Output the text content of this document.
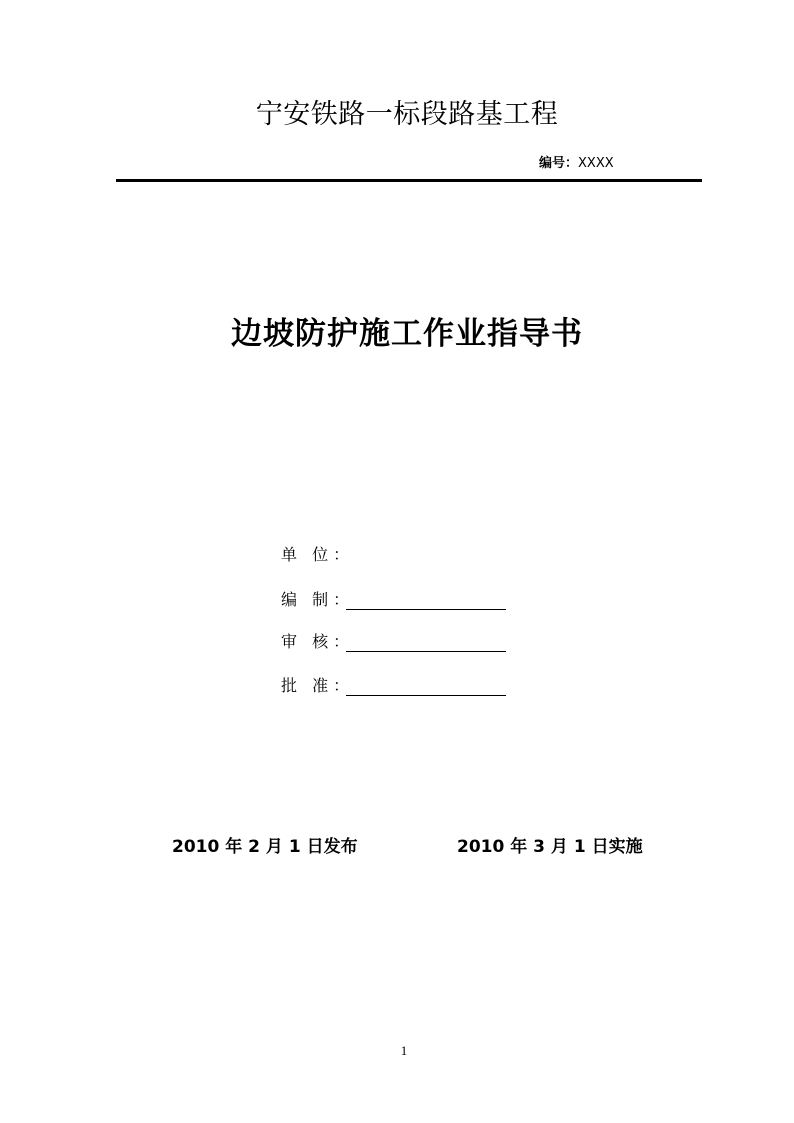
宁安铁路一标段路基工程
编号：XXXX
边坡防护施工作业指导书
单 位：
编 制：
审 核：
批 准：
2010 年 2 月 1 日发布	2010 年 3 月 1 日实施
1
